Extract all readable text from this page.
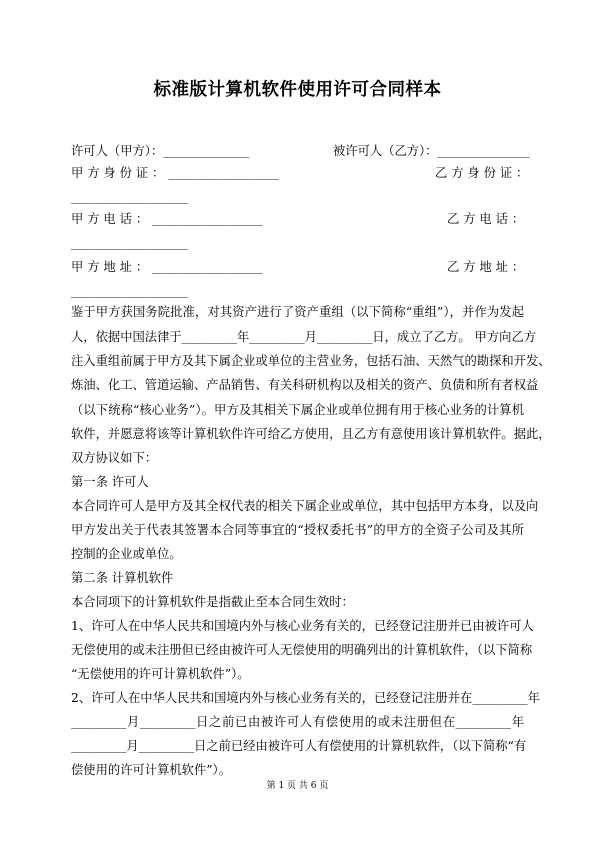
标准版计算机软件使用许可合同样本
许可人（甲方）：______________	被许可人（乙方）：_______________
甲 方 身 份 证 ： __________________	乙 方 身 份 证 ：
___________________
甲 方 电 话 ： __________________	乙 方 电 话 ：
___________________
甲 方 地 址 ： __________________	乙 方 地 址 ：
___________________
鉴于甲方获国务院批准，对其资产进行了资产重组（以下简称“重组”），并作为发起
人，依据中国法律于_________年_________月_________日，成立了乙方。 甲方向乙方
注入重组前属于甲方及其下属企业或单位的主营业务，包括石油、天然气的勘探和开发、
炼油、化工、管道运输、产品销售、有关科研机构以及相关的资产、负债和所有者权益
（以下统称“核心业务”）。甲方及其相关下属企业或单位拥有用于核心业务的计算机
软件，并愿意将该等计算机软件许可给乙方使用，且乙方有意使用该计算机软件。据此，
双方协议如下：
第一条 许可人
本合同许可人是甲方及其全权代表的相关下属企业或单位，其中包括甲方本身，以及向
甲方发出关于代表其签署本合同等事宜的“授权委托书”的甲方的全资子公司及其所
控制的企业或单位。
第二条 计算机软件
本合同项下的计算机软件是指截止至本合同生效时：
1、许可人在中华人民共和国境内外与核心业务有关的，已经登记注册并已由被许可人
无偿使用的或未注册但已经由被许可人无偿使用的明确列出的计算机软件，（以下简称
“无偿使用的许可计算机软件”）。
2、许可人在中华人民共和国境内外与核心业务有关的，已经登记注册并在_________年
_________月_________日之前已由被许可人有偿使用的或未注册但在_________年
_________月_________日之前已经由被许可人有偿使用的计算机软件，（以下简称“有
偿使用的许可计算机软件”）。
第 1 页 共 6 页
